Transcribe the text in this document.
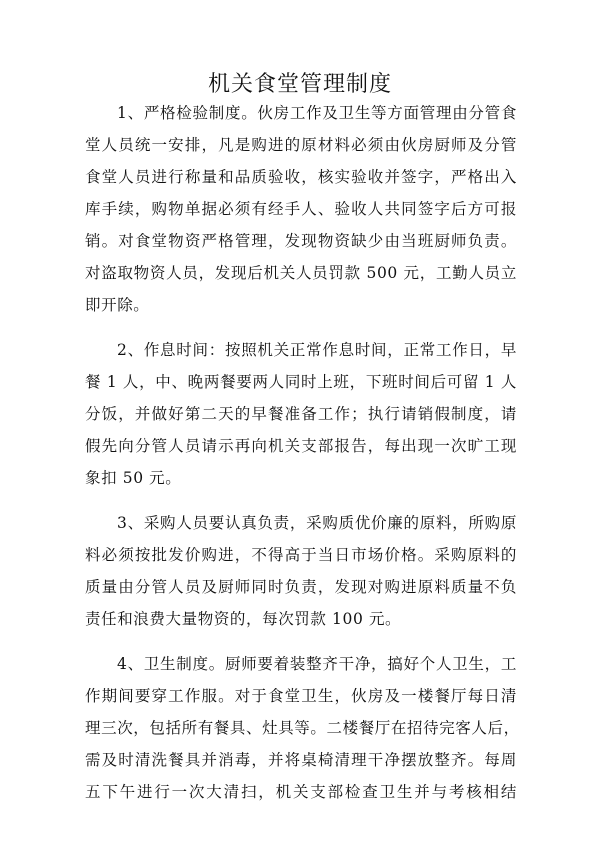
机关食堂管理制度
1、严格检验制度。伙房工作及卫生等方面管理由分管食
堂人员统一安排，凡是购进的原材料必须由伙房厨师及分管
食堂人员进行称量和品质验收，核实验收并签字，严格出入
库手续，购物单据必须有经手人、验收人共同签字后方可报
销。对食堂物资严格管理，发现物资缺少由当班厨师负责。
对盗取物资人员，发现后机关人员罚款 500 元，工勤人员立
即开除。
2、作息时间：按照机关正常作息时间，正常工作日，早
餐 1 人，中、晚两餐要两人同时上班，下班时间后可留 1 人
分饭，并做好第二天的早餐准备工作；执行请销假制度，请
假先向分管人员请示再向机关支部报告，每出现一次旷工现
象扣 50 元。
3、采购人员要认真负责，采购质优价廉的原料，所购原
料必须按批发价购进，不得高于当日市场价格。采购原料的
质量由分管人员及厨师同时负责，发现对购进原料质量不负
责任和浪费大量物资的，每次罚款 100 元。
4、卫生制度。厨师要着装整齐干净，搞好个人卫生，工
作期间要穿工作服。对于食堂卫生，伙房及一楼餐厅每日清
理三次，包括所有餐具、灶具等。二楼餐厅在招待完客人后，
需及时清洗餐具并消毒，并将桌椅清理干净摆放整齐。每周
五下午进行一次大清扫，机关支部检查卫生并与考核相结
